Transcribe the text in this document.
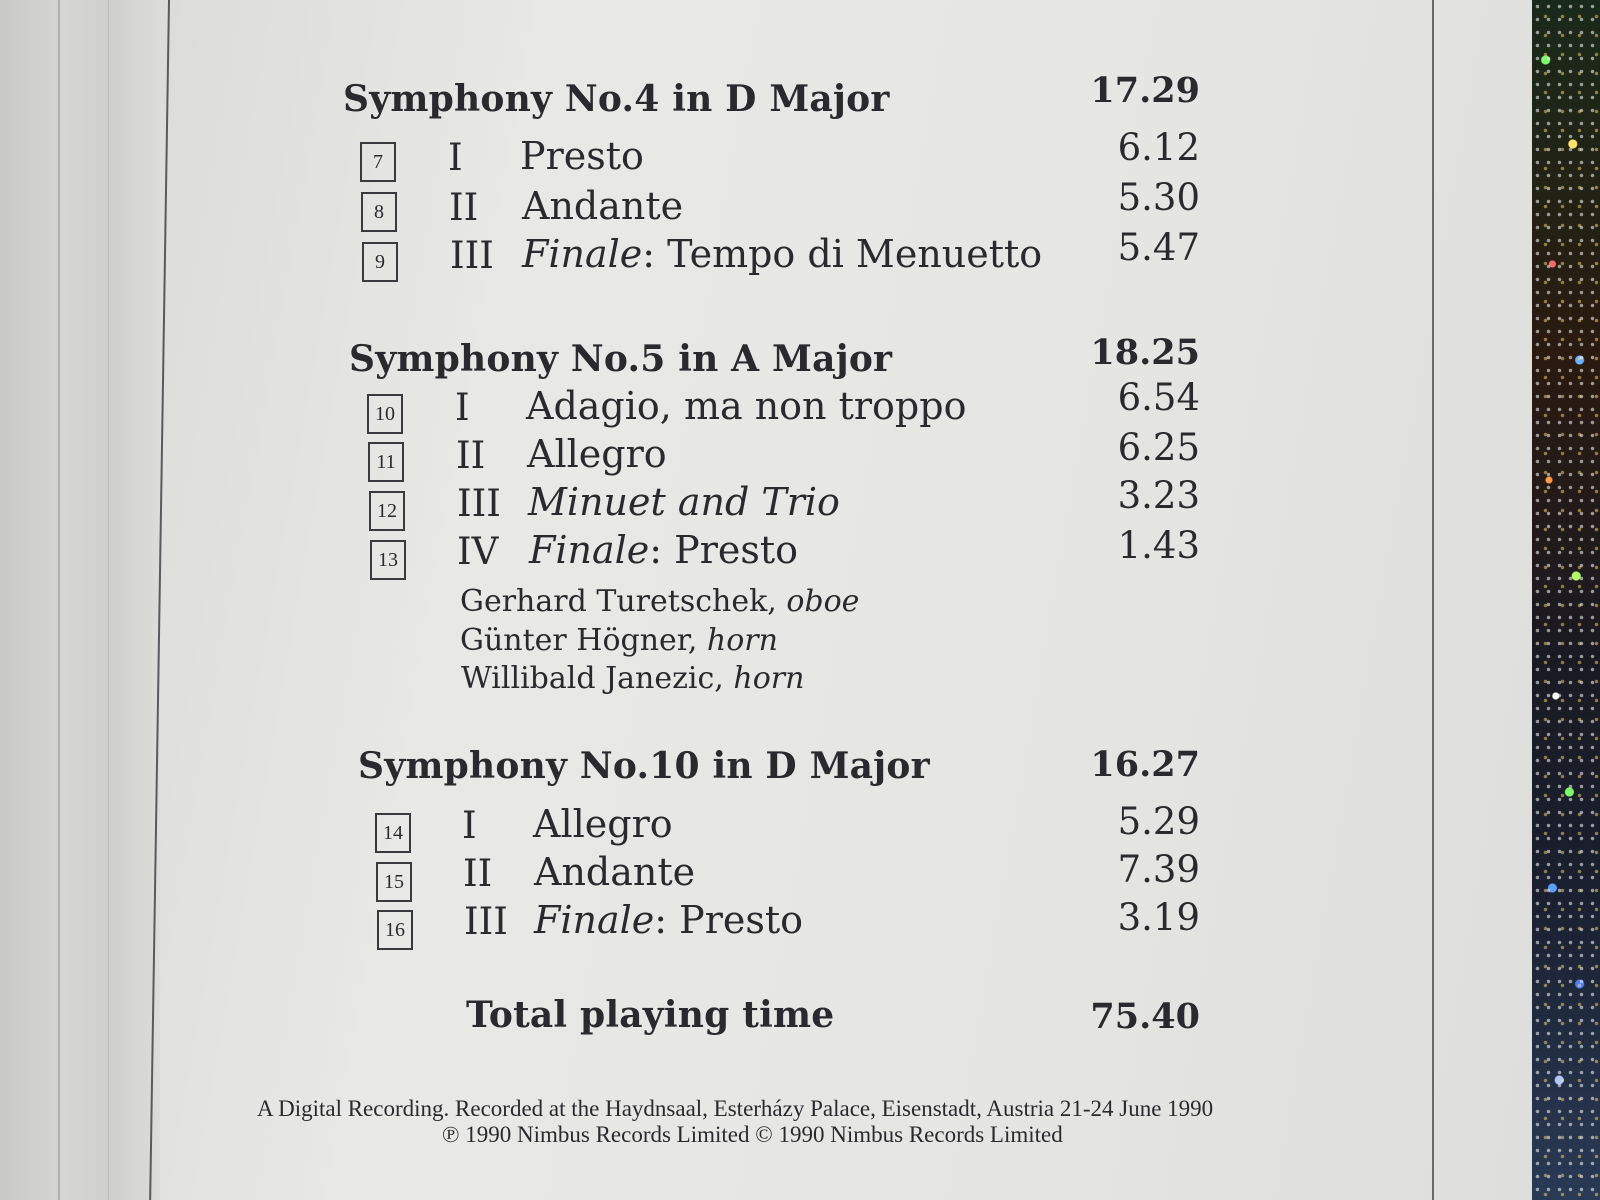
Symphony No.4 in D Major	17.29
7	I Presto	6.12
8	II Andante	5.30
9	III Finale: Tempo di Menuetto	5.47
Symphony No.5 in A Major	18.25
10 I Adagio, ma non troppo	6.54
11 II Allegro	6.25
12 III Minuet and Trio	3.23
13 IV Finale: Presto	1.43
Gerhard Turetschek, oboe
Günter Högner, horn
Willibald Janezic, horn
Symphony No.10 in D Major	16.27
14 I Allegro	5.29
15 II Andante	7.39
16 III Finale: Presto	3.19
Total playing time	75.40
A Digital Recording. Recorded at the Haydnsaal, Esterházy Palace, Eisenstadt, Austria 21-24 June 1990
℗ 1990 Nimbus Records Limited © 1990 Nimbus Records Limited
